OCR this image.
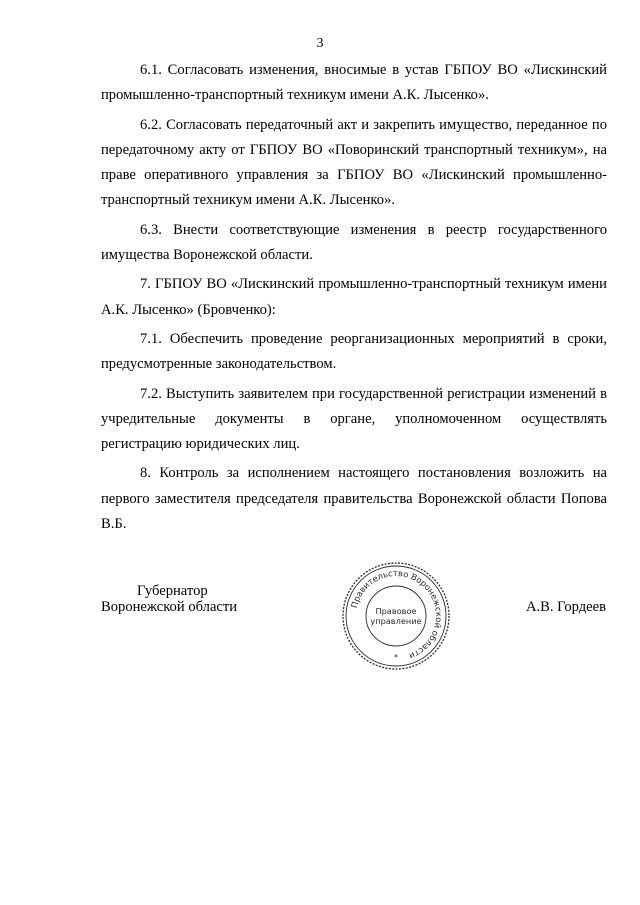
3

6.1. Согласовать изменения, вносимые в устав ГБПОУ ВО «Лискинский промышленно-транспортный техникум имени А.К. Лысенко».

6.2. Согласовать передаточный акт и закрепить имущество, переданное по передаточному акту от ГБПОУ ВО «Поворинский транспортный техникум», на праве оперативного управления за ГБПОУ ВО «Лискинский промышленно-транспортный техникум имени А.К. Лысенко».

6.3. Внести соответствующие изменения в реестр государственного имущества Воронежской области.

7. ГБПОУ ВО «Лискинский промышленно-транспортный техникум имени А.К. Лысенко» (Бровченко):

7.1. Обеспечить проведение реорганизационных мероприятий в сроки, предусмотренные законодательством.

7.2. Выступить заявителем при государственной регистрации изменений в учредительные документы в органе, уполномоченном осуществлять регистрацию юридических лиц.

8. Контроль за исполнением настоящего постановления возложить на первого заместителя председателя правительства Воронежской области Попова В.Б.

Губернатор
Воронежской области	Правительство Воронежской области
Правовое
управление
*
А.В. Гордеев
